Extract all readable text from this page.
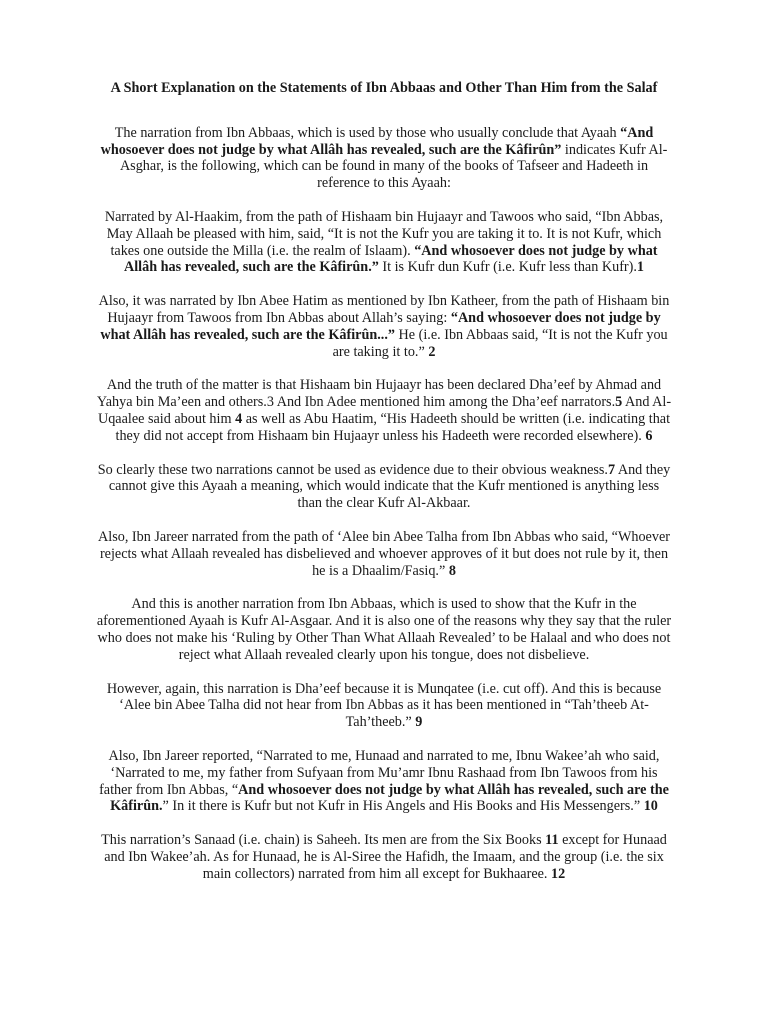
A Short Explanation on the Statements of Ibn Abbaas and Other Than Him from the Salaf

The narration from Ibn Abbaas, which is used by those who usually conclude that Ayaah “And whosoever does not judge by what Allâh has revealed, such are the Kâfirûn” indicates Kufr Al-Asghar, is the following, which can be found in many of the books of Tafseer and Hadeeth in reference to this Ayaah:

Narrated by Al-Haakim, from the path of Hishaam bin Hujaayr and Tawoos who said, “Ibn Abbas, May Allaah be pleased with him, said, “It is not the Kufr you are taking it to. It is not Kufr, which takes one outside the Milla (i.e. the realm of Islaam). “And whosoever does not judge by what Allâh has revealed, such are the Kâfirûn.” It is Kufr dun Kufr (i.e. Kufr less than Kufr).1

Also, it was narrated by Ibn Abee Hatim as mentioned by Ibn Katheer, from the path of Hishaam bin Hujaayr from Tawoos from Ibn Abbas about Allah’s saying: “And whosoever does not judge by what Allâh has revealed, such are the Kâfirûn...” He (i.e. Ibn Abbaas said, “It is not the Kufr you are taking it to.” 2

And the truth of the matter is that Hishaam bin Hujaayr has been declared Dha’eef by Ahmad and Yahya bin Ma’een and others.3 And Ibn Adee mentioned him among the Dha’eef narrators.5 And Al-Uqaalee said about him 4 as well as Abu Haatim, “His Hadeeth should be written (i.e. indicating that they did not accept from Hishaam bin Hujaayr unless his Hadeeth were recorded elsewhere). 6

So clearly these two narrations cannot be used as evidence due to their obvious weakness.7 And they cannot give this Ayaah a meaning, which would indicate that the Kufr mentioned is anything less than the clear Kufr Al-Akbaar.

Also, Ibn Jareer narrated from the path of ‘Alee bin Abee Talha from Ibn Abbas who said, “Whoever rejects what Allaah revealed has disbelieved and whoever approves of it but does not rule by it, then he is a Dhaalim/Fasiq.” 8

And this is another narration from Ibn Abbaas, which is used to show that the Kufr in the aforementioned Ayaah is Kufr Al-Asgaar. And it is also one of the reasons why they say that the ruler who does not make his ‘Ruling by Other Than What Allaah Revealed’ to be Halaal and who does not reject what Allaah revealed clearly upon his tongue, does not disbelieve.

However, again, this narration is Dha’eef because it is Munqatee (i.e. cut off). And this is because ‘Alee bin Abee Talha did not hear from Ibn Abbas as it has been mentioned in “Tah’theeb At-Tah’theeb.” 9

Also, Ibn Jareer reported, “Narrated to me, Hunaad and narrated to me, Ibnu Wakee’ah who said, ‘Narrated to me, my father from Sufyaan from Mu’amr Ibnu Rashaad from Ibn Tawoos from his father from Ibn Abbas, “And whosoever does not judge by what Allâh has revealed, such are the Kâfirûn.” In it there is Kufr but not Kufr in His Angels and His Books and His Messengers.” 10

This narration’s Sanaad (i.e. chain) is Saheeh. Its men are from the Six Books 11 except for Hunaad and Ibn Wakee’ah. As for Hunaad, he is Al-Siree the Hafidh, the Imaam, and the group (i.e. the six main collectors) narrated from him all except for Bukhaaree. 12
